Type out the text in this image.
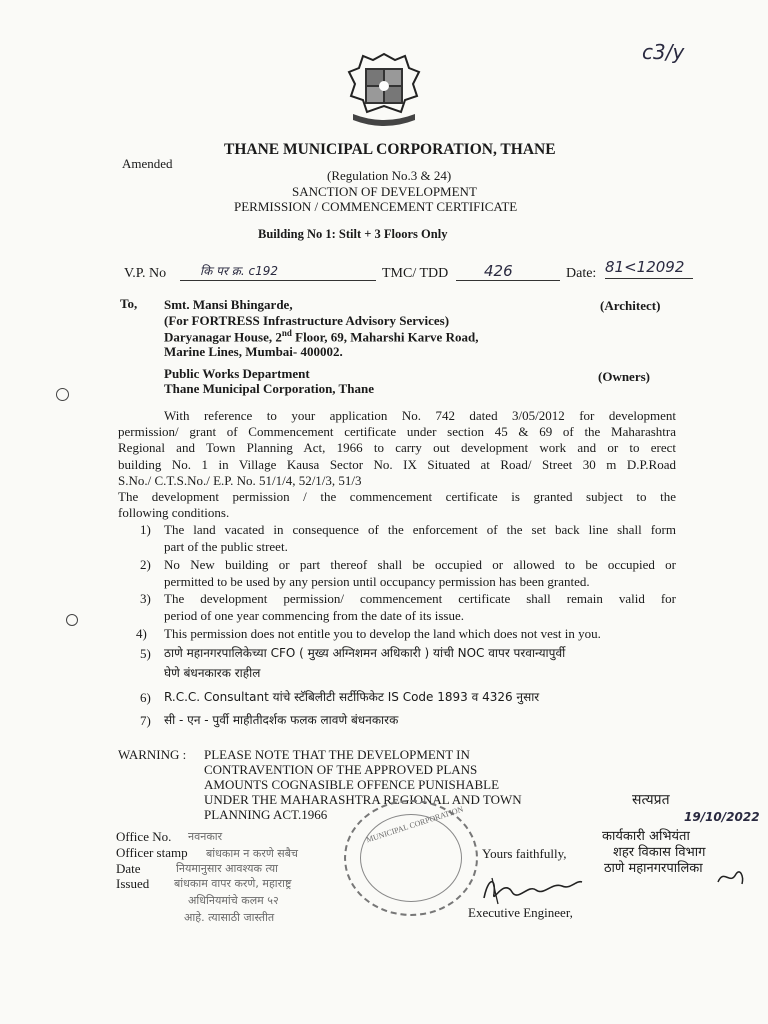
c3/y
Amended
THANE MUNICIPAL CORPORATION, THANE
(Regulation No.3 & 24)
SANCTION OF DEVELOPMENT
PERMISSION / COMMENCEMENT CERTIFICATE
Building No 1: Stilt + 3 Floors Only
V.P. No	कि पर क्र. c192	TMC/ TDD	426	Date: 81<12092
To, Smt. Mansi Bhingarde,
(For FORTRESS Infrastructure Advisory Services)
Daryanagar House, 2nd Floor, 69, Maharshi Karve Road,
Marine Lines, Mumbai- 400002.
(Architect)
Public Works Department
Thane Municipal Corporation, Thane
(Owners)
With reference to your application No. 742 dated 3/05/2012 for development
permission/ grant of Commencement certificate under section 45 & 69 of the Maharashtra
Regional and Town Planning Act, 1966 to carry out development work and or to erect
building No. 1 in Village Kausa Sector No. IX Situated at Road/ Street 30 m D.P.Road
S.No./ C.T.S.No./ E.P. No. 51/1/4, 52/1/3, 51/3
The development permission / the commencement certificate is granted subject to the
following conditions.
1) The land vacated in consequence of the enforcement of the set back line shall form
part of the public street.
2) No New building or part thereof shall be occupied or allowed to be occupied or
permitted to be used by any persion until occupancy permission has been granted.
3) The development permission/ commencement certificate shall remain valid for
period of one year commencing from the date of its issue.
4) This permission does not entitle you to develop the land which does not vest in you.
5) ठाणे महानगरपालिकेच्या CFO ( मुख्य अग्निशमन अधिकारी ) यांची NOC वापर परवान्यापुर्वी
घेणे बंधनकारक राहील
6) R.C.C. Consultant यांचे स्टॅबिलीटी सर्टीफिकेट IS Code 1893 व 4326 नुसार
7) सी - एन - पुर्वी माहीतीदर्शक फलक लावणे बंधनकारक
WARNING : PLEASE NOTE THAT THE DEVELOPMENT IN
CONTRAVENTION OF THE APPROVED PLANS
AMOUNTS COGNASIBLE OFFENCE PUNISHABLE
UNDER THE MAHARASHTRA REGIONAL AND TOWN
PLANNING ACT.1966
Office No.
Officer stamp
Date
Issued
नवनकार
बांधकाम न करणे सबैच
नियमानुसार आवश्यक त्या
बांधकाम वापर करणे, महाराष्ट्र
अधिनियमांचे कलम ५२
आहे. त्यासाठी जास्तीत
MUNICIPAL CORPORATION
Yours faithfully,
Executive Engineer,
सत्यप्रत
19/10/2022
कार्यकारी अभियंता
शहर विकास विभाग
ठाणे महानगरपालिका
